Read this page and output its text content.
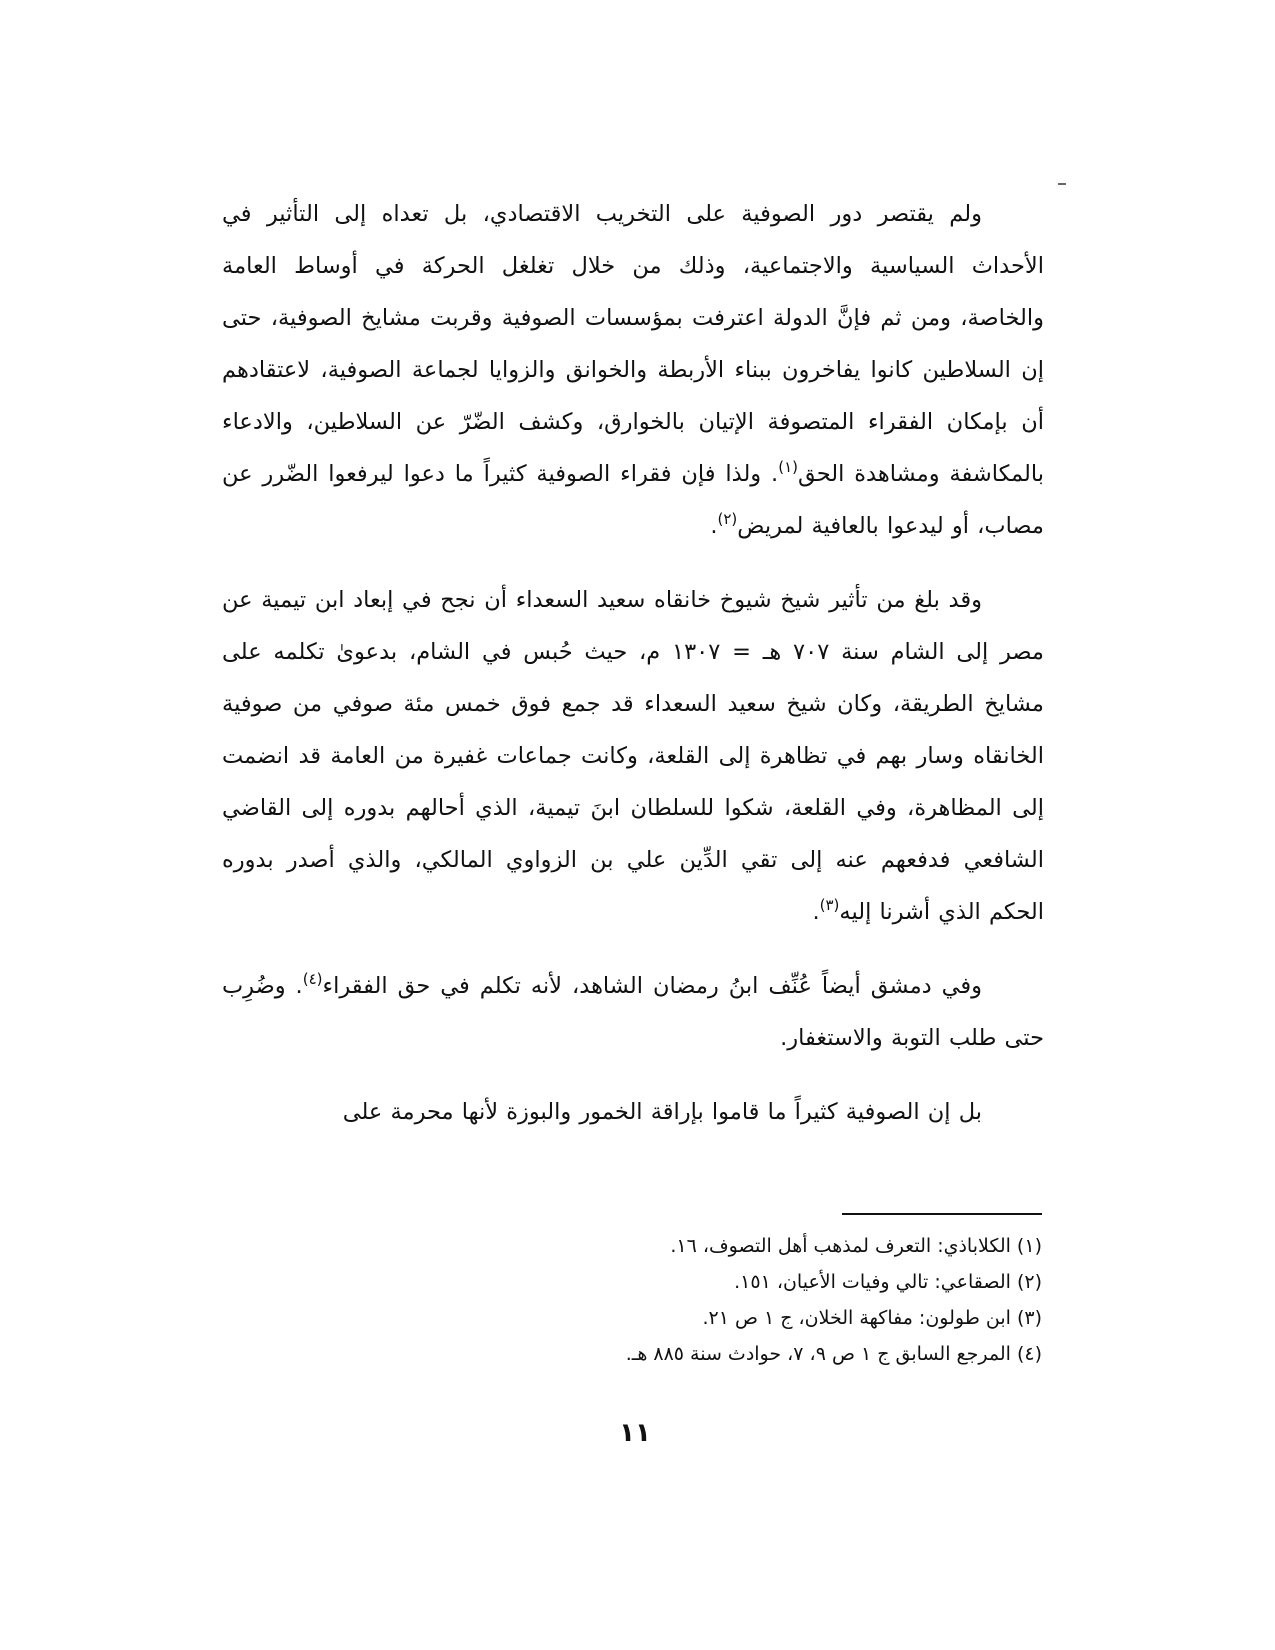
ولم يقتصر دور الصوفية على التخريب الاقتصادي، بل تعداه إلى التأثير في الأحداث السياسية والاجتماعية، وذلك من خلال تغلغل الحركة في أوساط العامة والخاصة، ومن ثم فإنَّ الدولة اعترفت بمؤسسات الصوفية وقربت مشايخ الصوفية، حتى إن السلاطين كانوا يفاخرون ببناء الأربطة والخوانق والزوايا لجماعة الصوفية، لاعتقادهم أن بإمكان الفقراء المتصوفة الإتيان بالخوارق، وكشف الضّرّ عن السلاطين، والادعاء بالمكاشفة ومشاهدة الحق$^{(١)}$. ولذا فإن فقراء الصوفية كثيراً ما دعوا ليرفعوا الضّرر عن مصاب، أو ليدعوا بالعافية لمريض$^{(٢)}$.

وقد بلغ من تأثير شيخ شيوخ خانقاه سعيد السعداء أن نجح في إبعاد ابن تيمية عن مصر إلى الشام سنة ٧٠٧ هـ = ١٣٠٧ م، حيث حُبس في الشام، بدعوىٰ تكلمه على مشايخ الطريقة، وكان شيخ سعيد السعداء قد جمع فوق خمس مئة صوفي من صوفية الخانقاه وسار بهم في تظاهرة إلى القلعة، وكانت جماعات غفيرة من العامة قد انضمت إلى المظاهرة، وفي القلعة، شكوا للسلطان ابنَ تيمية، الذي أحالهم بدوره إلى القاضي الشافعي فدفعهم عنه إلى تقي الدِّين علي بن الزواوي المالكي، والذي أصدر بدوره الحكم الذي أشرنا إليه$^{(٣)}$.

وفي دمشق أيضاً عُنِّف ابنُ رمضان الشاهد، لأنه تكلم في حق الفقراء$^{(٤)}$. وضُرِب حتى طلب التوبة والاستغفار.

بل إن الصوفية كثيراً ما قاموا بإراقة الخمور والبوزة لأنها محرمة على

(١) الكلاباذي: التعرف لمذهب أهل التصوف، ١٦.

(٢) الصقاعي: تالي وفيات الأعيان، ١٥١.

(٣) ابن طولون: مفاكهة الخلان، ج ١ ص ٢١.

(٤) المرجع السابق ج ١ ص ٩، ٧، حوادث سنة ٨٨٥ هـ.

١١
